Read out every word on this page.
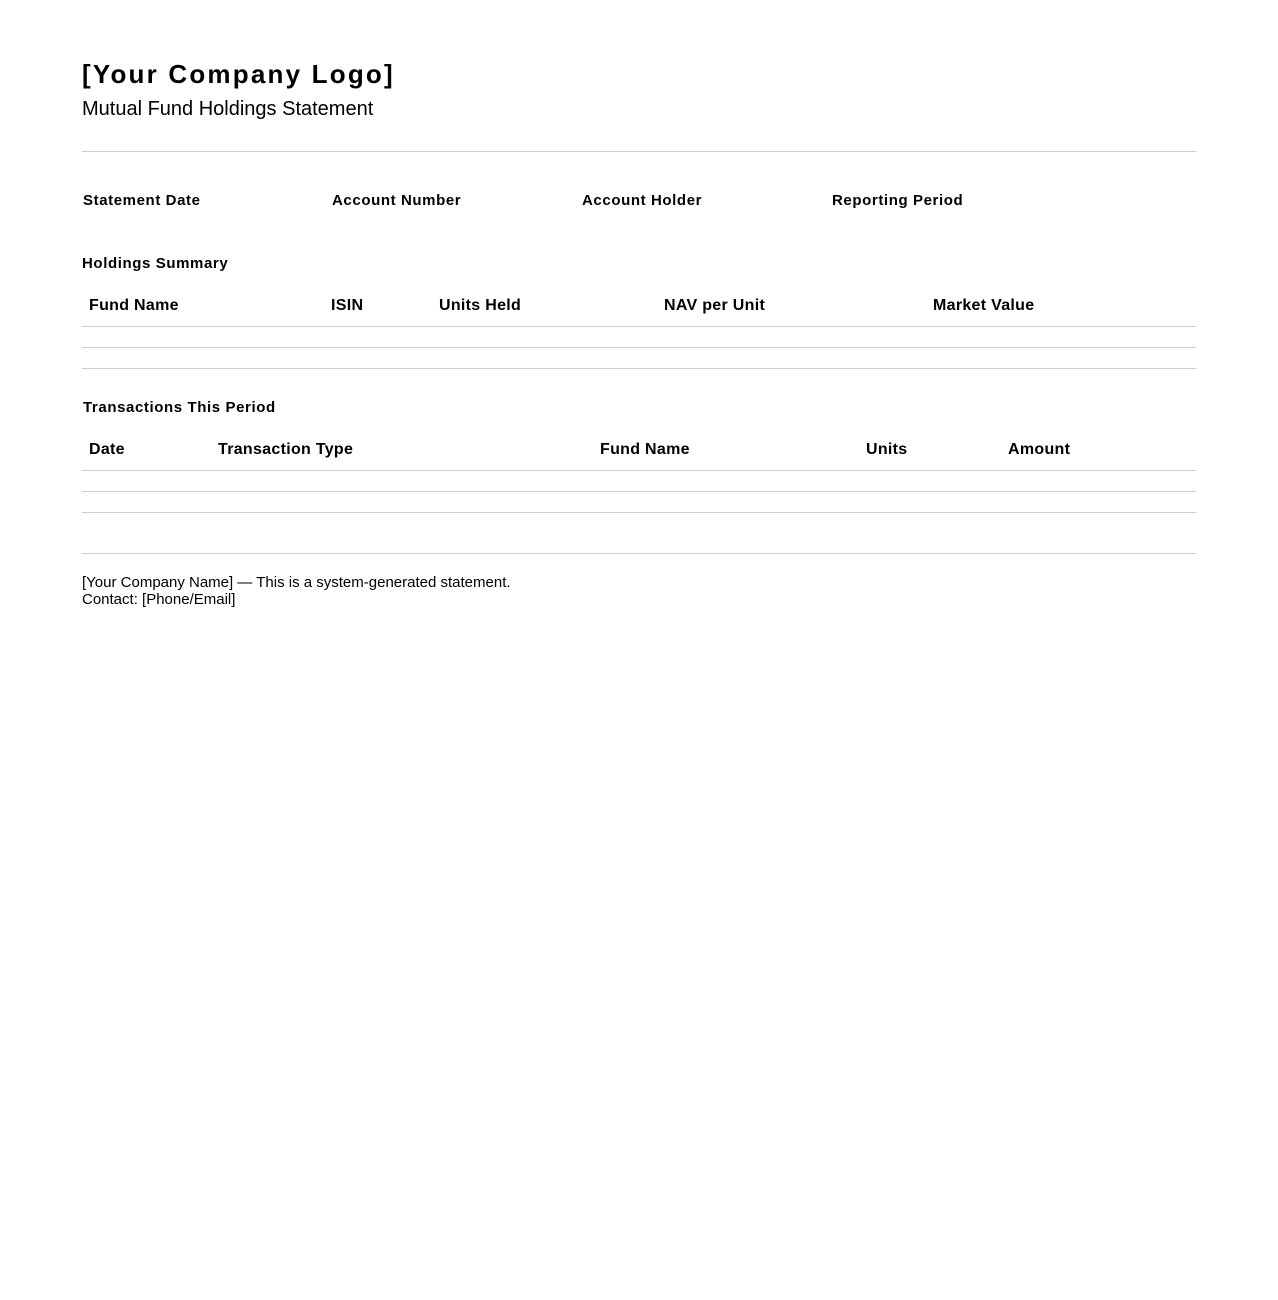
[Your Company Logo]
Mutual Fund Holdings Statement
Statement Date	Account Number	Account Holder	Reporting Period
Holdings Summary
Fund Name	ISIN	Units Held	NAV per Unit	Market Value
Transactions This Period
Date	Transaction Type	Fund Name	Units	Amount
[Your Company Name] — This is a system-generated statement.
Contact: [Phone/Email]
